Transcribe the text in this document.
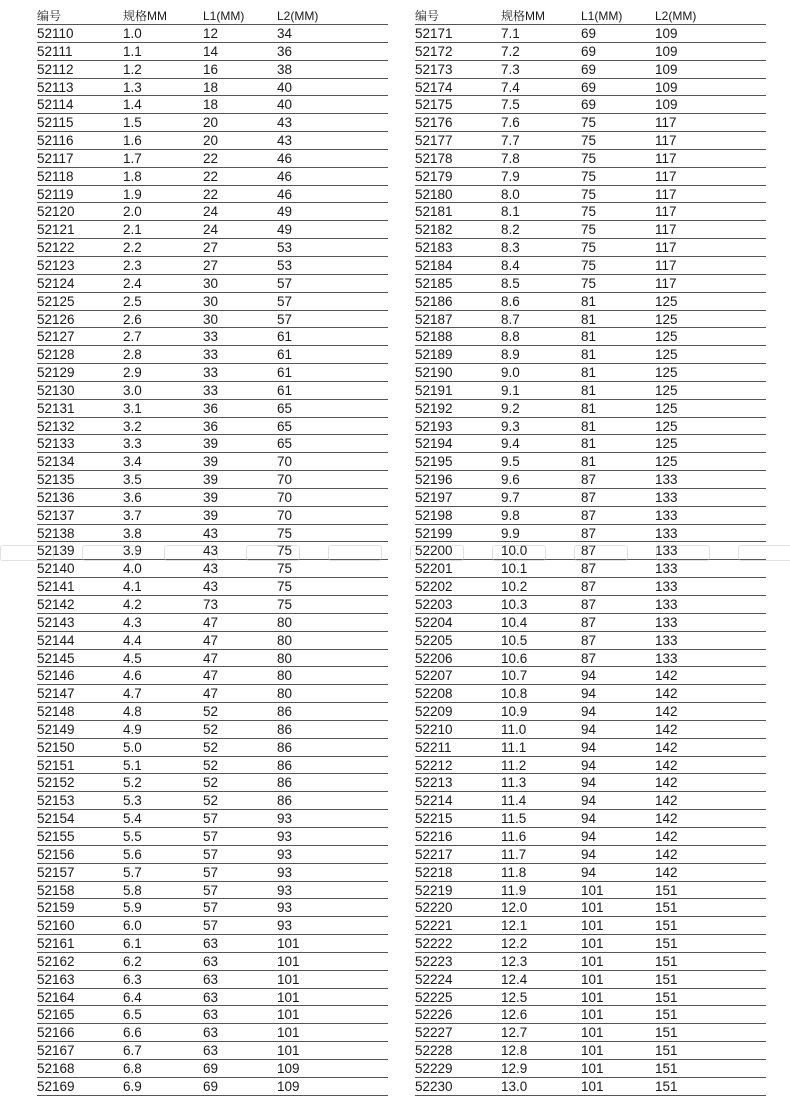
编号	规格MM	L1(MM)	L2(MM)
52110	1.0	12	34
52111	1.1	14	36
52112	1.2	16	38
52113	1.3	18	40
52114	1.4	18	40
52115	1.5	20	43
52116	1.6	20	43
52117	1.7	22	46
52118	1.8	22	46
52119	1.9	22	46
52120	2.0	24	49
52121	2.1	24	49
52122	2.2	27	53
52123	2.3	27	53
52124	2.4	30	57
52125	2.5	30	57
52126	2.6	30	57
52127	2.7	33	61
52128	2.8	33	61
52129	2.9	33	61
52130	3.0	33	61
52131	3.1	36	65
52132	3.2	36	65
52133	3.3	39	65
52134	3.4	39	70
52135	3.5	39	70
52136	3.6	39	70
52137	3.7	39	70
52138	3.8	43	75
52139	3.9	43	75
52140	4.0	43	75
52141	4.1	43	75
52142	4.2	73	75
52143	4.3	47	80
52144	4.4	47	80
52145	4.5	47	80
52146	4.6	47	80
52147	4.7	47	80
52148	4.8	52	86
52149	4.9	52	86
52150	5.0	52	86
52151	5.1	52	86
52152	5.2	52	86
52153	5.3	52	86
52154	5.4	57	93
52155	5.5	57	93
52156	5.6	57	93
52157	5.7	57	93
52158	5.8	57	93
52159	5.9	57	93
52160	6.0	57	93
52161	6.1	63	101
52162	6.2	63	101
52163	6.3	63	101
52164	6.4	63	101
52165	6.5	63	101
52166	6.6	63	101
52167	6.7	63	101
52168	6.8	69	109
52169	6.9	69	109
编号	规格MM	L1(MM)	L2(MM)
52171	7.1	69	109
52172	7.2	69	109
52173	7.3	69	109
52174	7.4	69	109
52175	7.5	69	109
52176	7.6	75	117
52177	7.7	75	117
52178	7.8	75	117
52179	7.9	75	117
52180	8.0	75	117
52181	8.1	75	117
52182	8.2	75	117
52183	8.3	75	117
52184	8.4	75	117
52185	8.5	75	117
52186	8.6	81	125
52187	8.7	81	125
52188	8.8	81	125
52189	8.9	81	125
52190	9.0	81	125
52191	9.1	81	125
52192	9.2	81	125
52193	9.3	81	125
52194	9.4	81	125
52195	9.5	81	125
52196	9.6	87	133
52197	9.7	87	133
52198	9.8	87	133
52199	9.9	87	133
52200	10.0	87	133
52201	10.1	87	133
52202	10.2	87	133
52203	10.3	87	133
52204	10.4	87	133
52205	10.5	87	133
52206	10.6	87	133
52207	10.7	94	142
52208	10.8	94	142
52209	10.9	94	142
52210	11.0	94	142
52211	11.1	94	142
52212	11.2	94	142
52213	11.3	94	142
52214	11.4	94	142
52215	11.5	94	142
52216	11.6	94	142
52217	11.7	94	142
52218	11.8	94	142
52219	11.9	101	151
52220	12.0	101	151
52221	12.1	101	151
52222	12.2	101	151
52223	12.3	101	151
52224	12.4	101	151
52225	12.5	101	151
52226	12.6	101	151
52227	12.7	101	151
52228	12.8	101	151
52229	12.9	101	151
52230	13.0	101	151
